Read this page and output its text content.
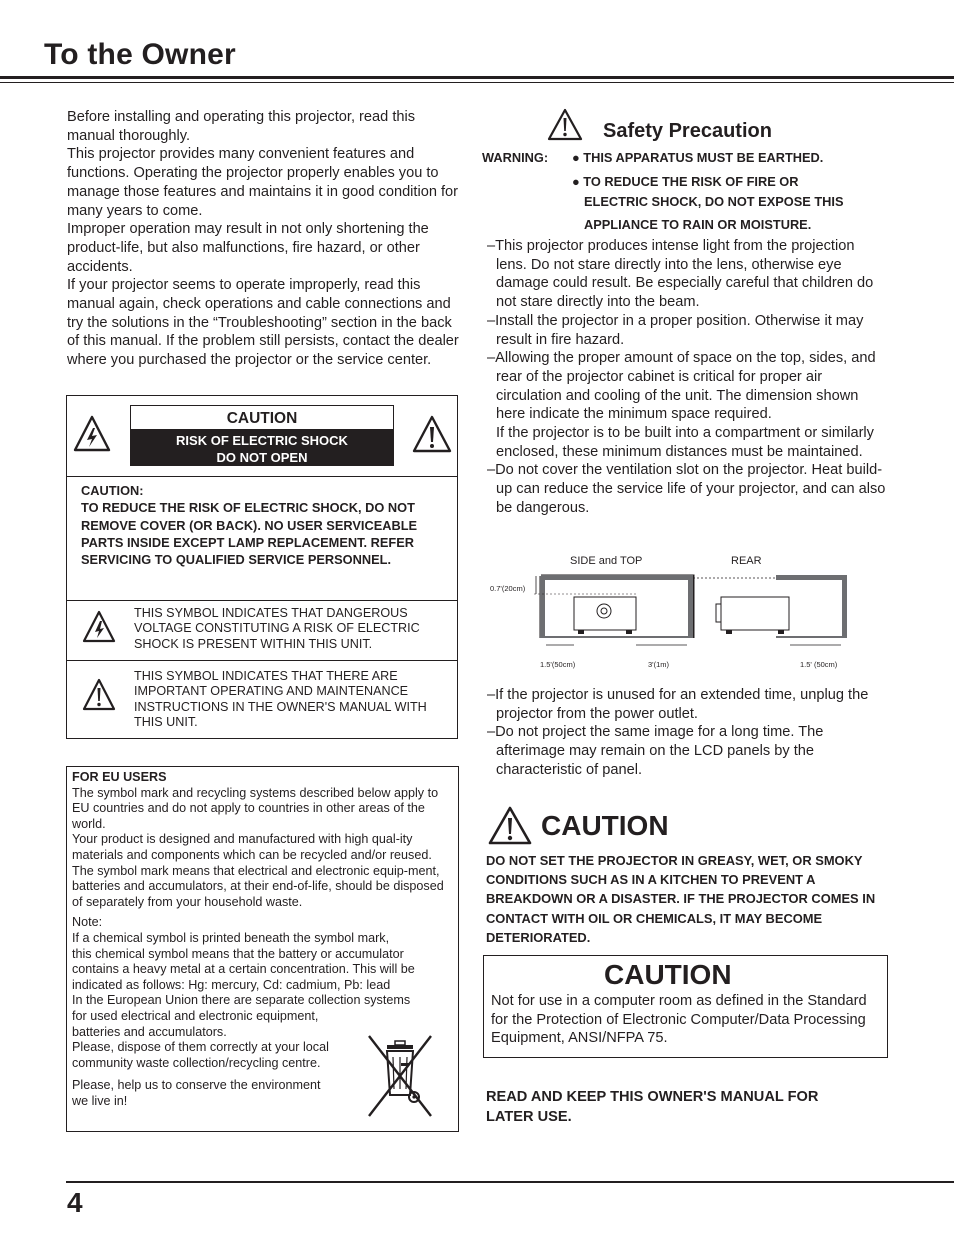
To the Owner

Before installing and operating this projector, read this manual thoroughly.

This projector provides many convenient features and functions. Operating the projector properly enables you to manage those features and maintains it in good condition for many years to come.

Improper operation may result in not only shortening the product-life, but also malfunctions, fire hazard, or other accidents.

If your projector seems to operate improperly, read this manual again, check operations and cable connections and try the solutions in the “Troubleshooting” section in the back of this manual. If the problem still persists, contact the dealer where you purchased the projector or the service center.

CAUTION
RISK OF ELECTRIC SHOCK
DO NOT OPEN
CAUTION:
TO REDUCE THE RISK OF ELECTRIC SHOCK, DO NOT REMOVE COVER (OR BACK). NO USER SERVICEABLE PARTS INSIDE EXCEPT LAMP REPLACEMENT. REFER SERVICING TO QUALIFIED SERVICE PERSONNEL.
THIS SYMBOL INDICATES THAT DANGEROUS VOLTAGE CONSTITUTING A RISK OF ELECTRIC SHOCK IS PRESENT WITHIN THIS UNIT.
THIS SYMBOL INDICATES THAT THERE ARE IMPORTANT OPERATING AND MAINTENANCE INSTRUCTIONS IN THE OWNER'S MANUAL WITH THIS UNIT.

FOR EU USERS

The symbol mark and recycling systems described below apply to EU countries and do not apply to countries in other areas of the world.

Your product is designed and manufactured with high qual-ity materials and components which can be recycled and/or reused.

The symbol mark means that electrical and electronic equip-ment, batteries and accumulators, at their end-of-life, should be disposed of separately from your household waste.

Note:

If a chemical symbol is printed beneath the symbol mark,

this chemical symbol means that the battery or accumulator

contains a heavy metal at a certain concentration. This will be

indicated as follows: Hg: mercury, Cd: cadmium, Pb: lead

In the European Union there are separate collection systems

for used electrical and electronic equipment,

batteries and accumulators.

Please, dispose of them correctly at your local

community waste collection/recycling centre.

Please, help us to conserve the environment

we live in!

Safety Precaution
WARNING: ● THIS APPARATUS MUST BE EARTHED.
● TO REDUCE THE RISK OF FIRE OR
ELECTRIC SHOCK, DO NOT EXPOSE THIS
APPLIANCE TO RAIN OR MOISTURE.

–This projector produces intense light from the projection lens. Do not stare directly into the lens, otherwise eye damage could result. Be especially careful that children do not stare directly into the beam.

–Install the projector in a proper position. Otherwise it may result in fire hazard.

–Allowing the proper amount of space on the top, sides, and rear of the projector cabinet is critical for proper air circulation and cooling of the unit. The dimension shown here indicate the minimum space required.

If the projector is to be built into a compartment or similarly enclosed, these minimum distances must be maintained.

–Do not cover the ventilation slot on the projector. Heat build-up can reduce the service life of your projector, and can also be dangerous.

SIDE and TOP	REAR
0.7'(20cm)
1.5'(50cm)	3'(1m)	1.5' (50cm)

–If the projector is unused for an extended time, unplug the projector from the power outlet.

–Do not project the same image for a long time. The afterimage may remain on the LCD panels by the characteristic of panel.

CAUTION
DO NOT SET THE PROJECTOR IN GREASY, WET, OR SMOKY CONDITIONS SUCH AS IN A KITCHEN TO PREVENT A BREAKDOWN OR A DISASTER. IF THE PROJECTOR COMES IN CONTACT WITH OIL OR CHEMICALS, IT MAY BECOME DETERIORATED.
CAUTION
Not for use in a computer room as defined in the Standard for the Protection of Electronic Computer/Data Processing Equipment, ANSI/NFPA 75.
READ AND KEEP THIS OWNER'S MANUAL FOR LATER USE.
4
